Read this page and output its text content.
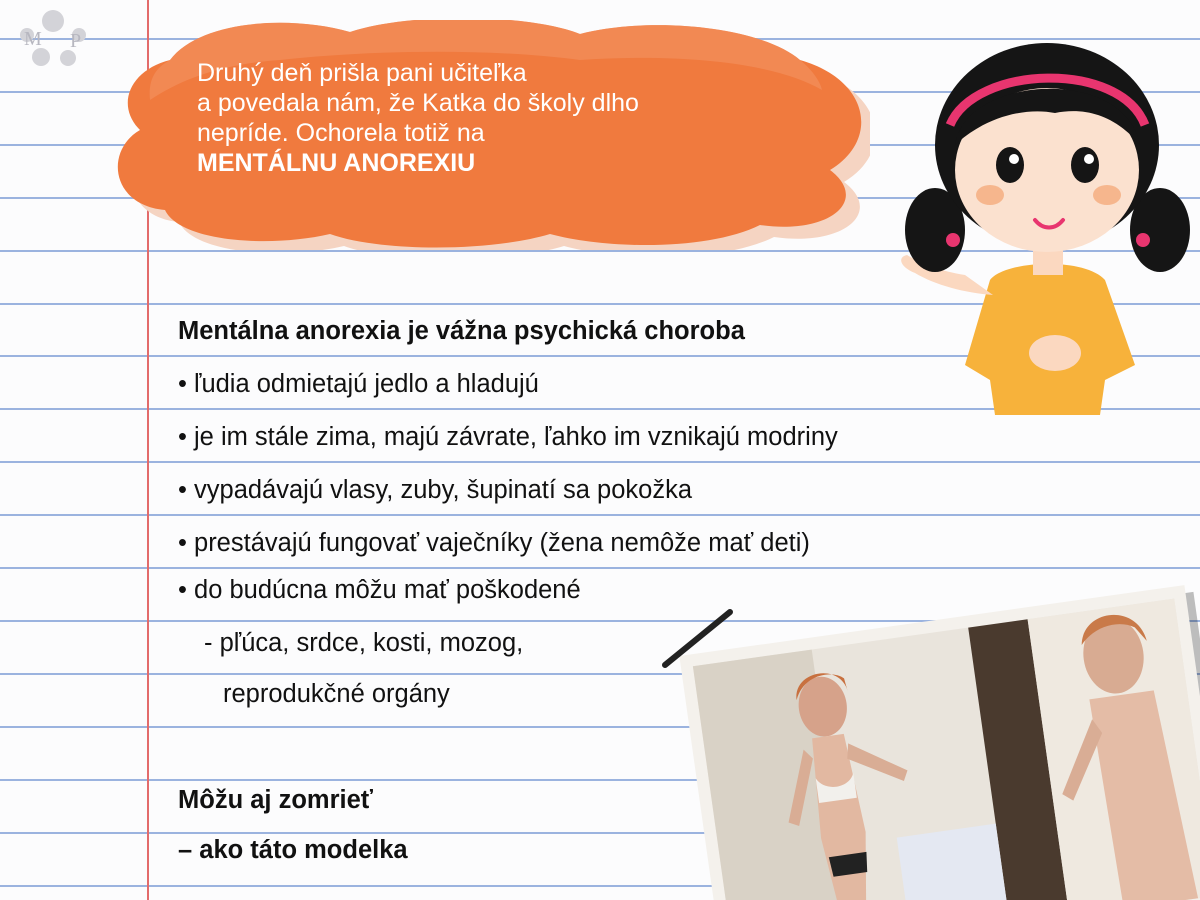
M P
Druhý deň prišla pani učiteľka
a povedala nám, že Katka do školy dlho
nepríde. Ochorela totiž na
MENTÁLNU ANOREXIU
Mentálna anorexia je vážna psychická choroba
• ľudia odmietajú jedlo a hladujú
• je im stále zima, majú závrate, ľahko im vznikajú modriny
• vypadávajú vlasy, zuby, šupinatí sa pokožka
• prestávajú fungovať vaječníky (žena nemôže mať deti)
• do budúcna môžu mať poškodené
- pľúca, srdce, kosti, mozog,
reprodukčné orgány
Môžu aj zomrieť
– ako táto modelka
